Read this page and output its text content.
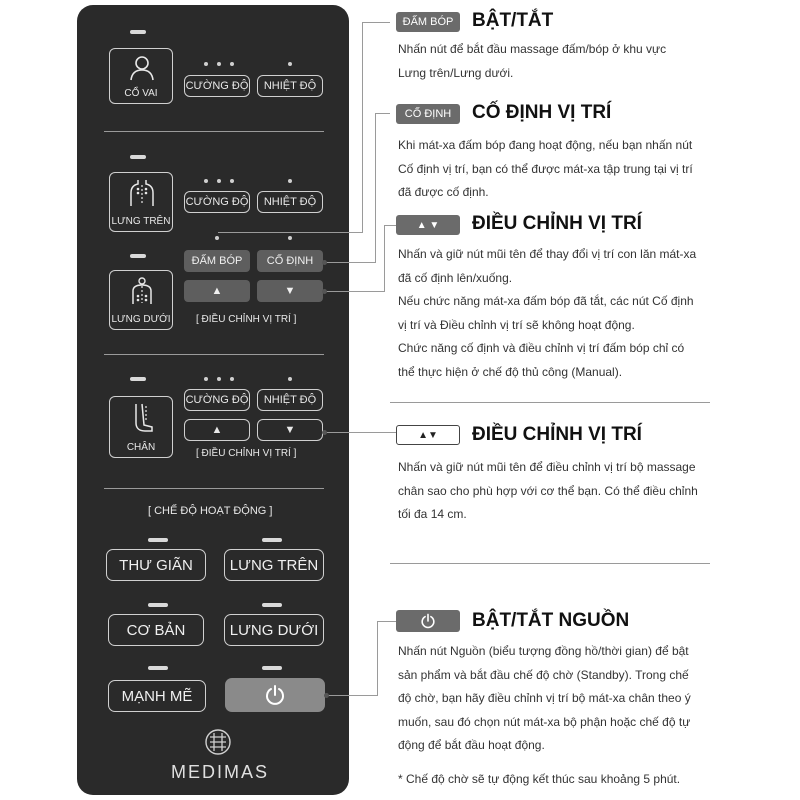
CỔ VAI
CƯỜNG ĐỘ	NHIỆT ĐỘ
LƯNG TRÊN
CƯỜNG ĐỘ	NHIỆT ĐỘ
ĐẤM BÓP	CỐ ĐỊNH
▲	▼
[ ĐIỀU CHỈNH VỊ TRÍ ]
LƯNG DƯỚI
CƯỜNG ĐỘ	NHIỆT ĐỘ
CHÂN
▲	▼
[ ĐIỀU CHỈNH VỊ TRÍ ]
[ CHẾ ĐỘ HOẠT ĐỘNG ]
THƯ GIÃN	LƯNG TRÊN
CƠ BẢN	LƯNG DƯỚI
MẠNH MẼ
MEDIMAS
ĐẤM BÓP BẬT/TẮT
Nhấn nút để bắt đầu massage đấm/bóp ở khu vực
Lưng trên/Lưng dưới.
CỐ ĐỊNH	CỐ ĐỊNH VỊ TRÍ
Khi mát-xa đấm bóp đang hoạt động, nếu bạn nhấn nút
Cố định vị trí, bạn có thể được mát-xa tập trung tại vị trí
đã được cố định.
▲ ▼	ĐIỀU CHỈNH VỊ TRÍ
Nhấn và giữ nút mũi tên để thay đổi vị trí con lăn mát-xa
đã cố định lên/xuống.
Nếu chức năng mát-xa đấm bóp đã tắt, các nút Cố định
vị trí và Điều chỉnh vị trí sẽ không hoạt động.
Chức năng cố định và điều chỉnh vị trí đấm bóp chỉ có
thể thực hiện ở chế độ thủ công (Manual).
▲▼	ĐIỀU CHỈNH VỊ TRÍ
Nhấn và giữ nút mũi tên để điều chỉnh vị trí bộ massage
chân sao cho phù hợp với cơ thể bạn. Có thể điều chỉnh
tối đa 14 cm.
BẬT/TẮT NGUỒN
Nhấn nút Nguồn (biểu tượng đồng hồ/thời gian) để bật
sản phẩm và bắt đầu chế độ chờ (Standby). Trong chế
độ chờ, bạn hãy điều chỉnh vị trí bộ mát-xa chân theo ý
muốn, sau đó chọn nút mát-xa bộ phận hoặc chế độ tự
động để bắt đầu hoạt động.
* Chế độ chờ sẽ tự động kết thúc sau khoảng 5 phút.
